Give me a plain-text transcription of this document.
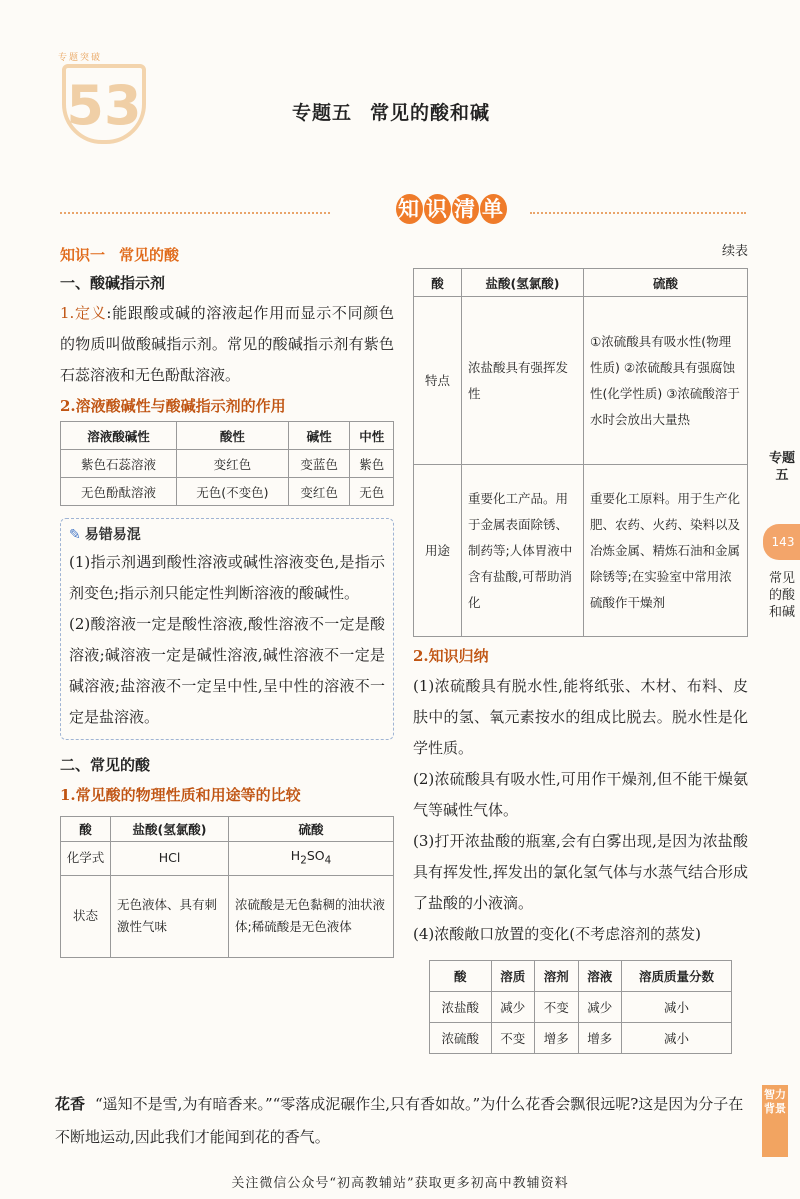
专题突破
53	专题五 常见的酸和碱
知 识 清 单
专题五
143
常见的酸和碱
知识一 常见的酸
一、酸碱指示剂
1.定义:能跟酸或碱的溶液起作用而显示不同颜色的物质叫做酸碱指示剂。常见的酸碱指示剂有紫色石蕊溶液和无色酚酞溶液。
2.溶液酸碱性与酸碱指示剂的作用
溶液酸碱性	酸性	碱性	中性
紫色石蕊溶液	变红色	变蓝色	紫色
无色酚酞溶液	无色(不变色)	变红色	无色
✎ 易错易混
(1)指示剂遇到酸性溶液或碱性溶液变色,是指示剂变色;指示剂只能定性判断溶液的酸碱性。
(2)酸溶液一定是酸性溶液,酸性溶液不一定是酸溶液;碱溶液一定是碱性溶液,碱性溶液不一定是碱溶液;盐溶液不一定呈中性,呈中性的溶液不一定是盐溶液。
二、常见的酸
1.常见酸的物理性质和用途等的比较
酸	盐酸(氢氯酸)	硫酸
化学式	HCl	$H_2SO_4$
状态	无色液体、具有刺激性气味	浓硫酸是无色黏稠的油状液体;稀硫酸是无色液体
续表
酸	盐酸(氢氯酸)	硫酸
特点	浓盐酸具有强挥发性	①浓硫酸具有吸水性(物理性质) ②浓硫酸具有强腐蚀性(化学性质) ③浓硫酸溶于水时会放出大量热
用途	重要化工产品。用于金属表面除锈、制药等;人体胃液中含有盐酸,可帮助消化	重要化工原料。用于生产化肥、农药、火药、染料以及冶炼金属、精炼石油和金属除锈等;在实验室中常用浓硫酸作干燥剂
2.知识归纳
(1)浓硫酸具有脱水性,能将纸张、木材、布料、皮肤中的氢、氧元素按水的组成比脱去。脱水性是化学性质。
(2)浓硫酸具有吸水性,可用作干燥剂,但不能干燥氨气等碱性气体。
(3)打开浓盐酸的瓶塞,会有白雾出现,是因为浓盐酸具有挥发性,挥发出的氯化氢气体与水蒸气结合形成了盐酸的小液滴。
(4)浓酸敞口放置的变化(不考虑溶剂的蒸发)
酸	溶质	溶剂	溶液	溶质质量分数
浓盐酸	减少	不变	减少	减小
浓硫酸	不变	增多	增多	减小
花香 “遥知不是雪,为有暗香来。”“零落成泥碾作尘,只有香如故。”为什么花香会飘很远呢?这是因为分子在不断地运动,因此我们才能闻到花的香气。
智力背景
关注微信公众号“初高教辅站”获取更多初高中教辅资料
